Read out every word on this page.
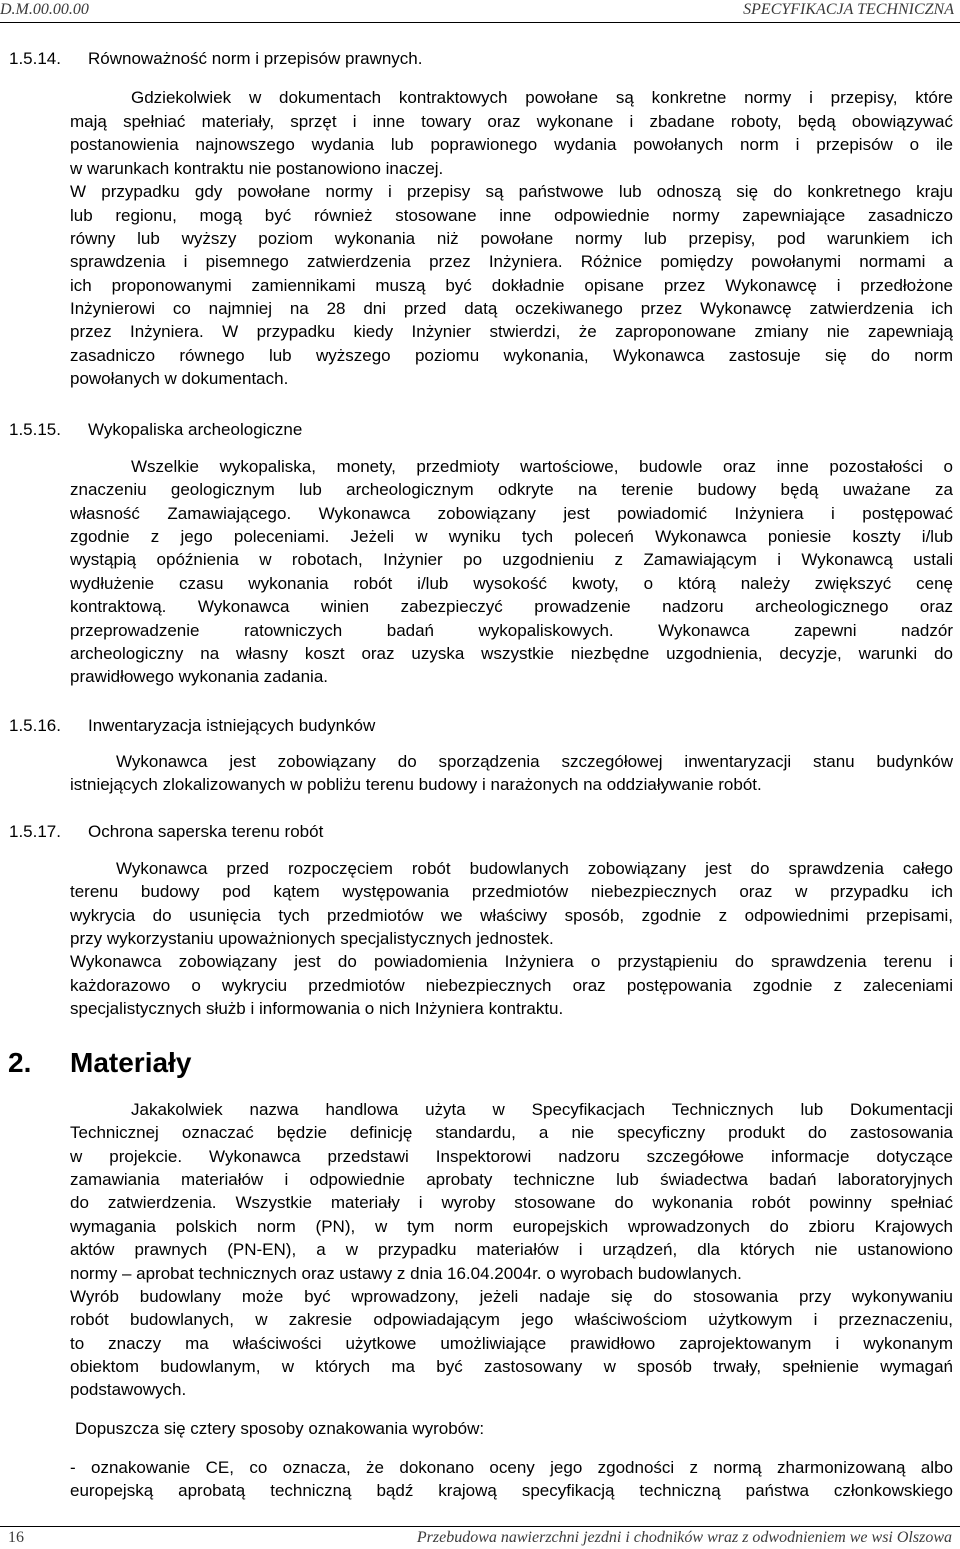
D.M.00.00.00	SPECYFIKACJA TECHNICZNA
1.5.14. Równoważność norm i przepisów prawnych.
Gdziekolwiek w dokumentach kontraktowych powołane są konkretne normy i przepisy, które
mają spełniać materiały, sprzęt i inne towary oraz wykonane i zbadane roboty, będą obowiązywać
postanowienia najnowszego wydania lub poprawionego wydania powołanych norm i przepisów o ile
w warunkach kontraktu nie postanowiono inaczej.
W przypadku gdy powołane normy i przepisy są państwowe lub odnoszą się do konkretnego kraju
lub regionu, mogą być również stosowane inne odpowiednie normy zapewniające zasadniczo
równy lub wyższy poziom wykonania niż powołane normy lub przepisy, pod warunkiem ich
sprawdzenia i pisemnego zatwierdzenia przez Inżyniera. Różnice pomiędzy powołanymi normami a
ich proponowanymi zamiennikami muszą być dokładnie opisane przez Wykonawcę i przedłożone
Inżynierowi co najmniej na 28 dni przed datą oczekiwanego przez Wykonawcę zatwierdzenia ich
przez Inżyniera. W przypadku kiedy Inżynier stwierdzi, że zaproponowane zmiany nie zapewniają
zasadniczo równego lub wyższego poziomu wykonania, Wykonawca zastosuje się do norm
powołanych w dokumentach.
1.5.15. Wykopaliska archeologiczne
Wszelkie wykopaliska, monety, przedmioty wartościowe, budowle oraz inne pozostałości o
znaczeniu geologicznym lub archeologicznym odkryte na terenie budowy będą uważane za
własność Zamawiającego. Wykonawca zobowiązany jest powiadomić Inżyniera i postępować
zgodnie z jego poleceniami. Jeżeli w wyniku tych poleceń Wykonawca poniesie koszty i/lub
wystąpią opóźnienia w robotach, Inżynier po uzgodnieniu z Zamawiającym i Wykonawcą ustali
wydłużenie czasu wykonania robót i/lub wysokość kwoty, o którą należy zwiększyć cenę
kontraktową. Wykonawca winien zabezpieczyć prowadzenie nadzoru archeologicznego oraz
przeprowadzenie ratowniczych badań wykopaliskowych. Wykonawca zapewni nadzór
archeologiczny na własny koszt oraz uzyska wszystkie niezbędne uzgodnienia, decyzje, warunki do
prawidłowego wykonania zadania.
1.5.16. Inwentaryzacja istniejących budynków
Wykonawca jest zobowiązany do sporządzenia szczegółowej inwentaryzacji stanu budynków
istniejących zlokalizowanych w pobliżu terenu budowy i narażonych na oddziaływanie robót.
1.5.17. Ochrona saperska terenu robót
Wykonawca przed rozpoczęciem robót budowlanych zobowiązany jest do sprawdzenia całego
terenu budowy pod kątem występowania przedmiotów niebezpiecznych oraz w przypadku ich
wykrycia do usunięcia tych przedmiotów we właściwy sposób, zgodnie z odpowiednimi przepisami,
przy wykorzystaniu upoważnionych specjalistycznych jednostek.
Wykonawca zobowiązany jest do powiadomienia Inżyniera o przystąpieniu do sprawdzenia terenu i
każdorazowo o wykryciu przedmiotów niebezpiecznych oraz postępowania zgodnie z zaleceniami
specjalistycznych służb i informowania o nich Inżyniera kontraktu.
2. Materiały
Jakakolwiek nazwa handlowa użyta w Specyfikacjach Technicznych lub Dokumentacji
Technicznej oznaczać będzie definicję standardu, a nie specyficzny produkt do zastosowania
w projekcie. Wykonawca przedstawi Inspektorowi nadzoru szczegółowe informacje dotyczące
zamawiania materiałów i odpowiednie aprobaty techniczne lub świadectwa badań laboratoryjnych
do zatwierdzenia. Wszystkie materiały i wyroby stosowane do wykonania robót powinny spełniać
wymagania polskich norm (PN), w tym norm europejskich wprowadzonych do zbioru Krajowych
aktów prawnych (PN-EN), a w przypadku materiałów i urządzeń, dla których nie ustanowiono
normy – aprobat technicznych oraz ustawy z dnia 16.04.2004r. o wyrobach budowlanych.
Wyrób budowlany może być wprowadzony, jeżeli nadaje się do stosowania przy wykonywaniu
robót budowlanych, w zakresie odpowiadającym jego właściwościom użytkowym i przeznaczeniu,
to znaczy ma właściwości użytkowe umożliwiające prawidłowo zaprojektowanym i wykonanym
obiektom budowlanym, w których ma być zastosowany w sposób trwały, spełnienie wymagań
podstawowych.
Dopuszcza się cztery sposoby oznakowania wyrobów:
- oznakowanie CE, co oznacza, że dokonano oceny jego zgodności z normą zharmonizowaną albo
europejską aprobatą techniczną bądź krajową specyfikacją techniczną państwa członkowskiego
16	Przebudowa nawierzchni jezdni i chodników wraz z odwodnieniem we wsi Olszowa
